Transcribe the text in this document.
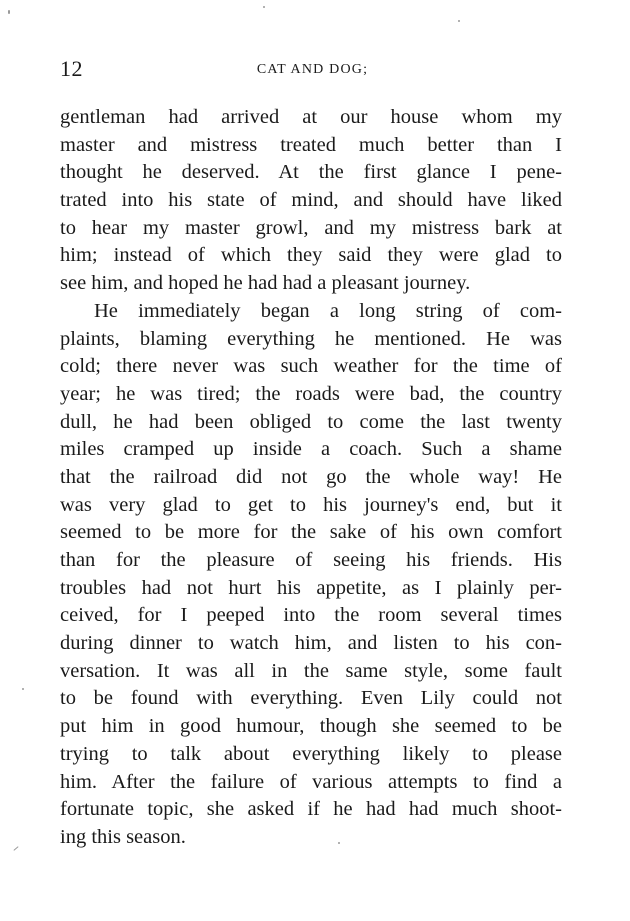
12	CAT AND DOG;
gentleman had arrived at our house whom my
master and mistress treated much better than I
thought he deserved. At the first glance I pene-
trated into his state of mind, and should have liked
to hear my master growl, and my mistress bark at
him; instead of which they said they were glad to
see him, and hoped he had had a pleasant journey.
He immediately began a long string of com-
plaints, blaming everything he mentioned. He was
cold; there never was such weather for the time of
year; he was tired; the roads were bad, the country
dull, he had been obliged to come the last twenty
miles cramped up inside a coach. Such a shame
that the railroad did not go the whole way! He
was very glad to get to his journey's end, but it
seemed to be more for the sake of his own comfort
than for the pleasure of seeing his friends. His
troubles had not hurt his appetite, as I plainly per-
ceived, for I peeped into the room several times
during dinner to watch him, and listen to his con-
versation. It was all in the same style, some fault
to be found with everything. Even Lily could not
put him in good humour, though she seemed to be
trying to talk about everything likely to please
him. After the failure of various attempts to find a
fortunate topic, she asked if he had had much shoot-
ing this season.
